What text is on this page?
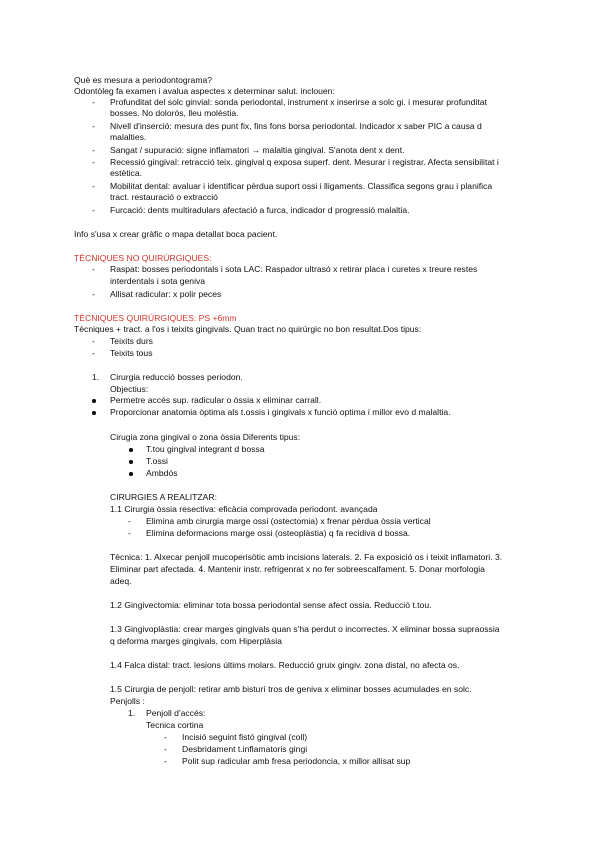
Què es mesura a periodontograma?
Odontòleg fa examen i avalua aspectes x determinar salut. inclouen:
- Profunditat del solc ginvial: sonda periodontal, instrument x inserirse a solc gi. i mesurar profunditat
bosses. No dolorós, lleu molèstia.
- Nivell d'inserció: mesura des punt fix, fins fons borsa periodontal. Indicador x saber PIC a causa d
malalties.
- Sangat / supuració: signe inflamatori → malaltia gingival. S'anota dent x dent.
- Recessió gingival: retracció teix. gingival q exposa superf. dent. Mesurar i registrar. Afecta sensibilitat i
estètica.
- Mobilitat dental: avaluar i identificar pèrdua suport ossi i lligaments. Classifica segons grau i planifica
tract. restauració o extracció
- Furcació: dents multiradulars afectació a furca, indicador d progressió malaltia.
Info s'usa x crear gràfic o mapa detallat boca pacient.
TÈCNIQUES NO QUIRÚRGIQUES:
- Raspat: bosses periodontals i sota LAC: Raspador ultrasó x retirar placa i curetes x treure restes
interdentals i sota geniva
- Allisat radicular: x polir peces
TÈCNIQUES QUIRÚRGIQUES: PS +6mm
Tècniques + tract. a l'os i teixits gingivals. Quan tract no quirúrgic no bon resultat.Dos tipus:
- Teixits durs
- Teixits tous
1. Cirurgia reducció bosses periodon.
Objectius:
Permetre accés sup. radicular o òssia x eliminar carrall.
Proporcionar anatomia òptima als t.ossis i gingivals x funció optima i millor evo d malaltia.
Cirugia zona gingival o zona òssia Diferents tipus:
T.tou gingival integrant d bossa
T.ossi
Ambdós
CIRURGIES A REALITZAR:
1.1 Cirurgia òssia resectiva: eficàcia comprovada periodont. avançada
- Elimina amb cirurgia marge ossi (ostectomia) x frenar pèrdua òssia vertical
- Elimina deformacions marge ossi (osteoplàstia) q fa recidiva d bossa.
Tècnica: 1. Alxecar penjoll mucoperisòtic amb incisions laterals. 2. Fa exposició os i teixit inflamatori. 3.
Eliminar part afectada. 4. Mantenir instr. refrigenrat x no fer sobreescalfament. 5. Donar morfologia
adeq.
1.2 Gingivectomia: eliminar tota bossa periodontal sense afect ossia. Reducció t.tou.
1.3 Gingivoplàstia: crear marges gingivals quan s'ha perdut o incorrectes. X eliminar bossa supraossia
q deforma marges gingivals, com Hiperplàsia
1.4 Falca distal: tract. lesions últims molars. Reducció gruix gingiv. zona distal, no afecta os.
1.5 Cirurgia de penjoll: retirar amb bisturí tros de geniva x eliminar bosses acumulades en solc.
Penjolls :
1. Penjoll d'accés:
Tecnica cortina
- Incisió seguint fistó gingival (coll)
- Desbridament t.inflamatoris gingi
- Polit sup radicular amb fresa periodoncia, x millor allisat sup
